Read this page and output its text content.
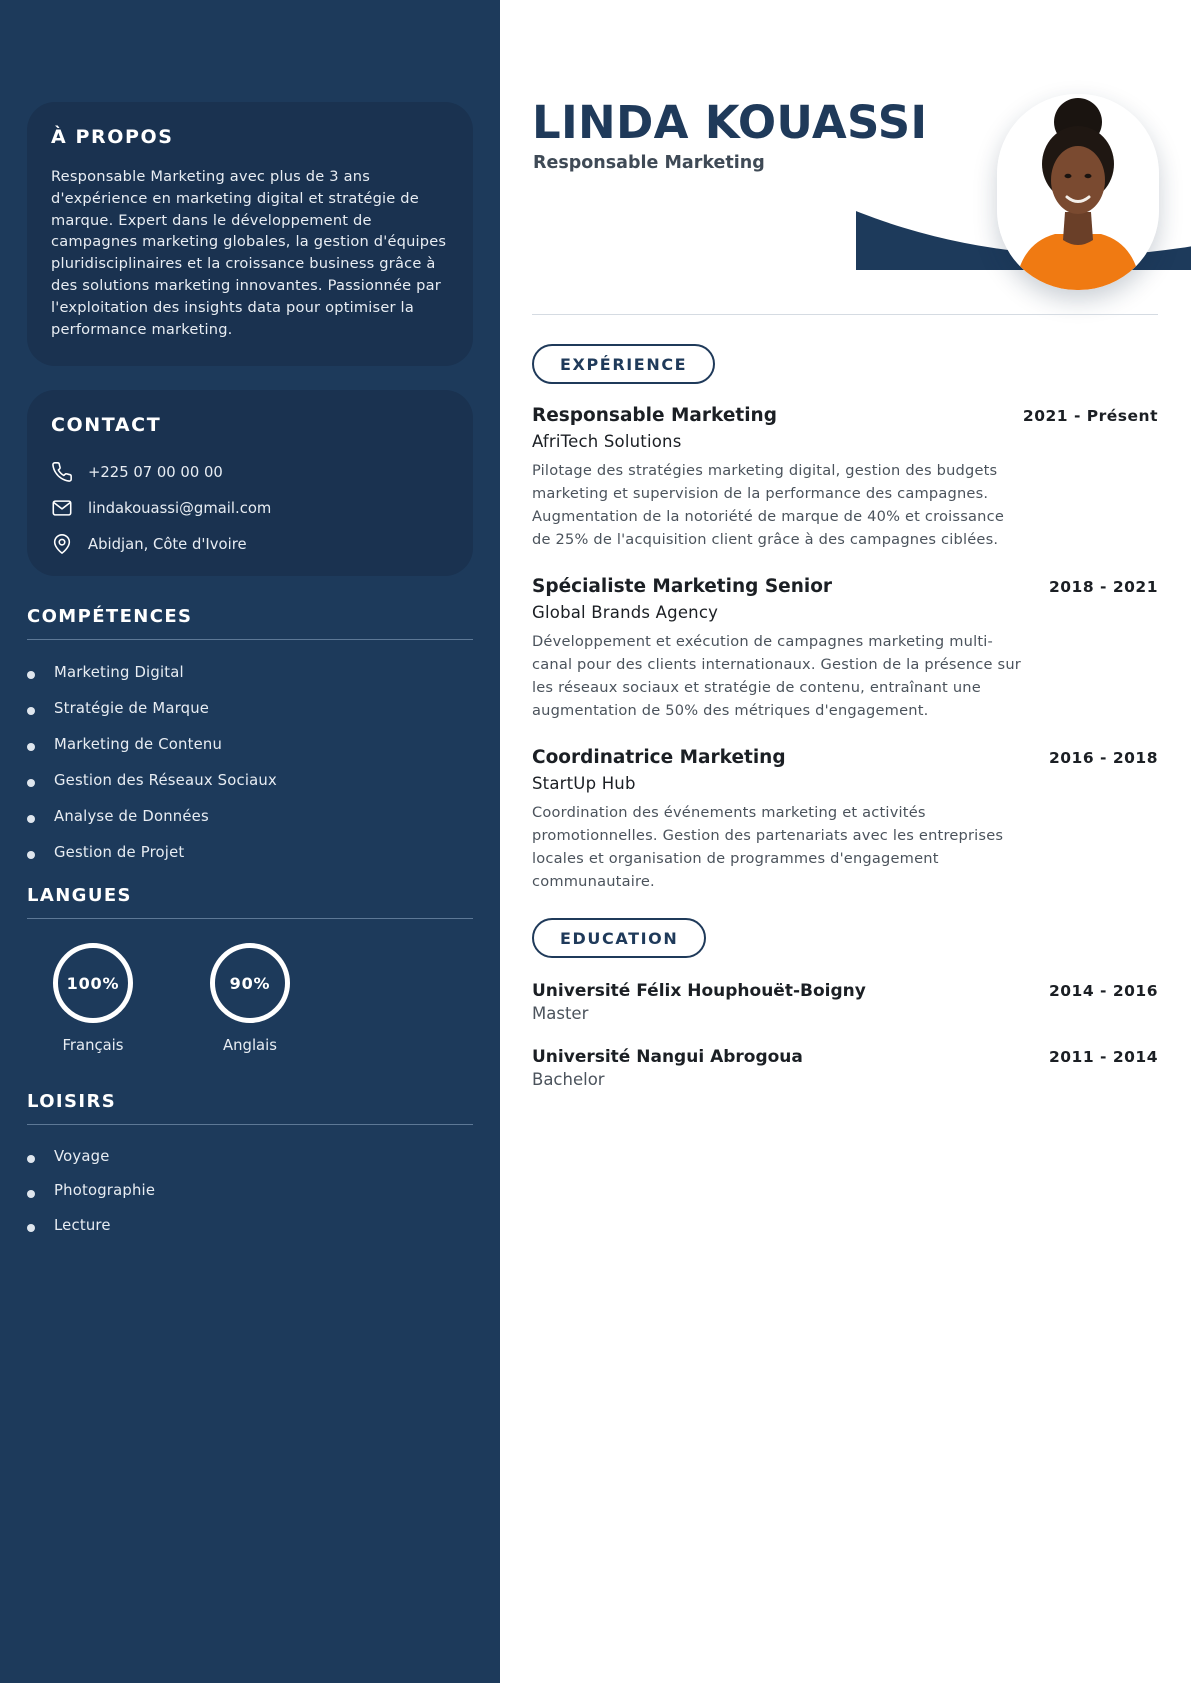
À PROPOS

Responsable Marketing avec plus de 3 ans d'expérience en marketing digital et stratégie de marque. Expert dans le développement de campagnes marketing globales, la gestion d'équipes pluridisciplinaires et la croissance business grâce à des solutions marketing innovantes. Passionnée par l'exploitation des insights data pour optimiser la performance marketing.

CONTACT
+225 07 00 00 00
lindakouassi@gmail.com
Abidjan, Côte d'Ivoire
COMPÉTENCES
Marketing Digital
Stratégie de Marque
Marketing de Contenu
Gestion des Réseaux Sociaux
Analyse de Données
Gestion de Projet
LANGUES
100%
Français
90%
Anglais
LOISIRS
Voyage
Photographie
Lecture
LINDA KOUASSI
Responsable Marketing
EXPÉRIENCE
Responsable Marketing	2021 - Présent
AfriTech Solutions

Pilotage des stratégies marketing digital, gestion des budgets marketing et supervision de la performance des campagnes. Augmentation de la notoriété de marque de 40% et croissance de 25% de l'acquisition client grâce à des campagnes ciblées.

Spécialiste Marketing Senior	2018 - 2021
Global Brands Agency

Développement et exécution de campagnes marketing multi-canal pour des clients internationaux. Gestion de la présence sur les réseaux sociaux et stratégie de contenu, entraînant une augmentation de 50% des métriques d'engagement.

Coordinatrice Marketing	2016 - 2018
StartUp Hub

Coordination des événements marketing et activités promotionnelles. Gestion des partenariats avec les entreprises locales et organisation de programmes d'engagement communautaire.

EDUCATION
Université Félix Houphouët-Boigny	2014 - 2016
Master
Université Nangui Abrogoua	2011 - 2014
Bachelor
